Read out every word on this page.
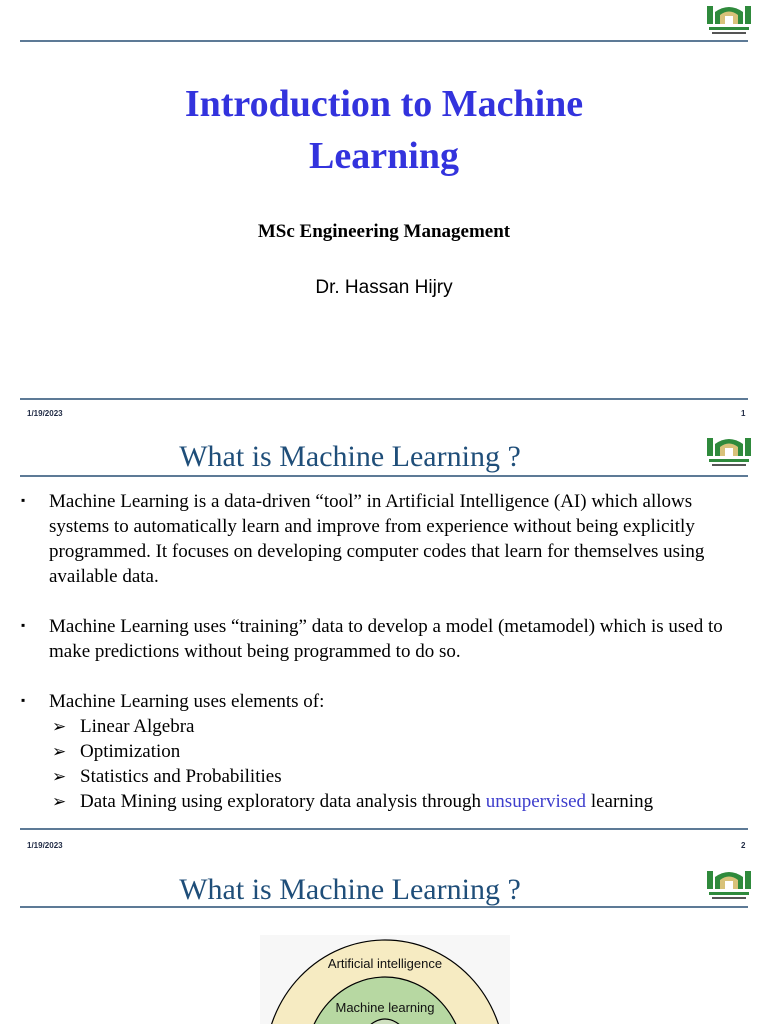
Introduction to Machine
Learning
MSc Engineering Management
Dr. Hassan Hijry
1/19/2023	1
What is Machine Learning ?
▪ Machine Learning is a data-driven “tool” in Artificial Intelligence (AI) which allows systems to automatically learn and improve from experience without being explicitly programmed. It focuses on developing computer codes that learn for themselves using available data.
▪ Machine Learning uses “training” data to develop a model (metamodel) which is used to make predictions without being programmed to do so.
▪ Machine Learning uses elements of:
➢ Linear Algebra
➢ Optimization
➢ Statistics and Probabilities
➢ Data Mining using exploratory data analysis through unsupervised learning
1/19/2023	2
What is Machine Learning ?
Artificial intelligence
Machine learning
